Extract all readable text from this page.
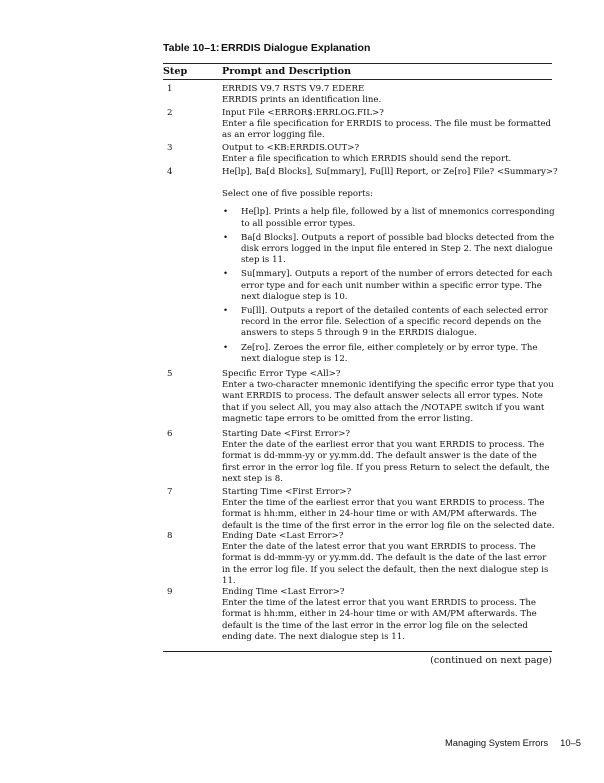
Table 10–1: ERRDIS Dialogue Explanation
Step	Prompt and Description
1	ERRDIS V9.7 RSTS V9.7 EDERE
ERRDIS prints an identification line.
2	Input File <ERROR$:ERRLOG.FIL>?
Enter a file specification for ERRDIS to process. The file must be formatted
as an error logging file.
3	Output to <KB:ERRDIS.OUT>?
Enter a file specification to which ERRDIS should send the report.
4	He[lp], Ba[d Blocks], Su[mmary], Fu[ll] Report, or Ze[ro] File? <Summary>?
Select one of five possible reports:
• He[lp]. Prints a help file, followed by a list of mnemonics corresponding
to all possible error types.
• Ba[d Blocks]. Outputs a report of possible bad blocks detected from the
disk errors logged in the input file entered in Step 2. The next dialogue
step is 11.
• Su[mmary]. Outputs a report of the number of errors detected for each
error type and for each unit number within a specific error type. The
next dialogue step is 10.
• Fu[ll]. Outputs a report of the detailed contents of each selected error
record in the error file. Selection of a specific record depends on the
answers to steps 5 through 9 in the ERRDIS dialogue.
• Ze[ro]. Zeroes the error file, either completely or by error type. The
next dialogue step is 12.
5	Specific Error Type <All>?
Enter a two-character mnemonic identifying the specific error type that you
want ERRDIS to process. The default answer selects all error types. Note
that if you select All, you may also attach the /NOTAPE switch if you want
magnetic tape errors to be omitted from the error listing.
6	Starting Date <First Error>?
Enter the date of the earliest error that you want ERRDIS to process. The
format is dd-mmm-yy or yy.mm.dd. The default answer is the date of the
first error in the error log file. If you press Return to select the default, the
next step is 8.
7	Starting Time <First Error>?
Enter the time of the earliest error that you want ERRDIS to process. The
format is hh:mm, either in 24-hour time or with AM/PM afterwards. The
default is the time of the first error in the error log file on the selected date.
8	Ending Date <Last Error>?
Enter the date of the latest error that you want ERRDIS to process. The
format is dd-mmm-yy or yy.mm.dd. The default is the date of the last error
in the error log file. If you select the default, then the next dialogue step is
11.
9	Ending Time <Last Error>?
Enter the time of the latest error that you want ERRDIS to process. The
format is hh:mm, either in 24-hour time or with AM/PM afterwards. The
default is the time of the last error in the error log file on the selected
ending date. The next dialogue step is 11.
(continued on next page)
Managing System Errors 10–5
